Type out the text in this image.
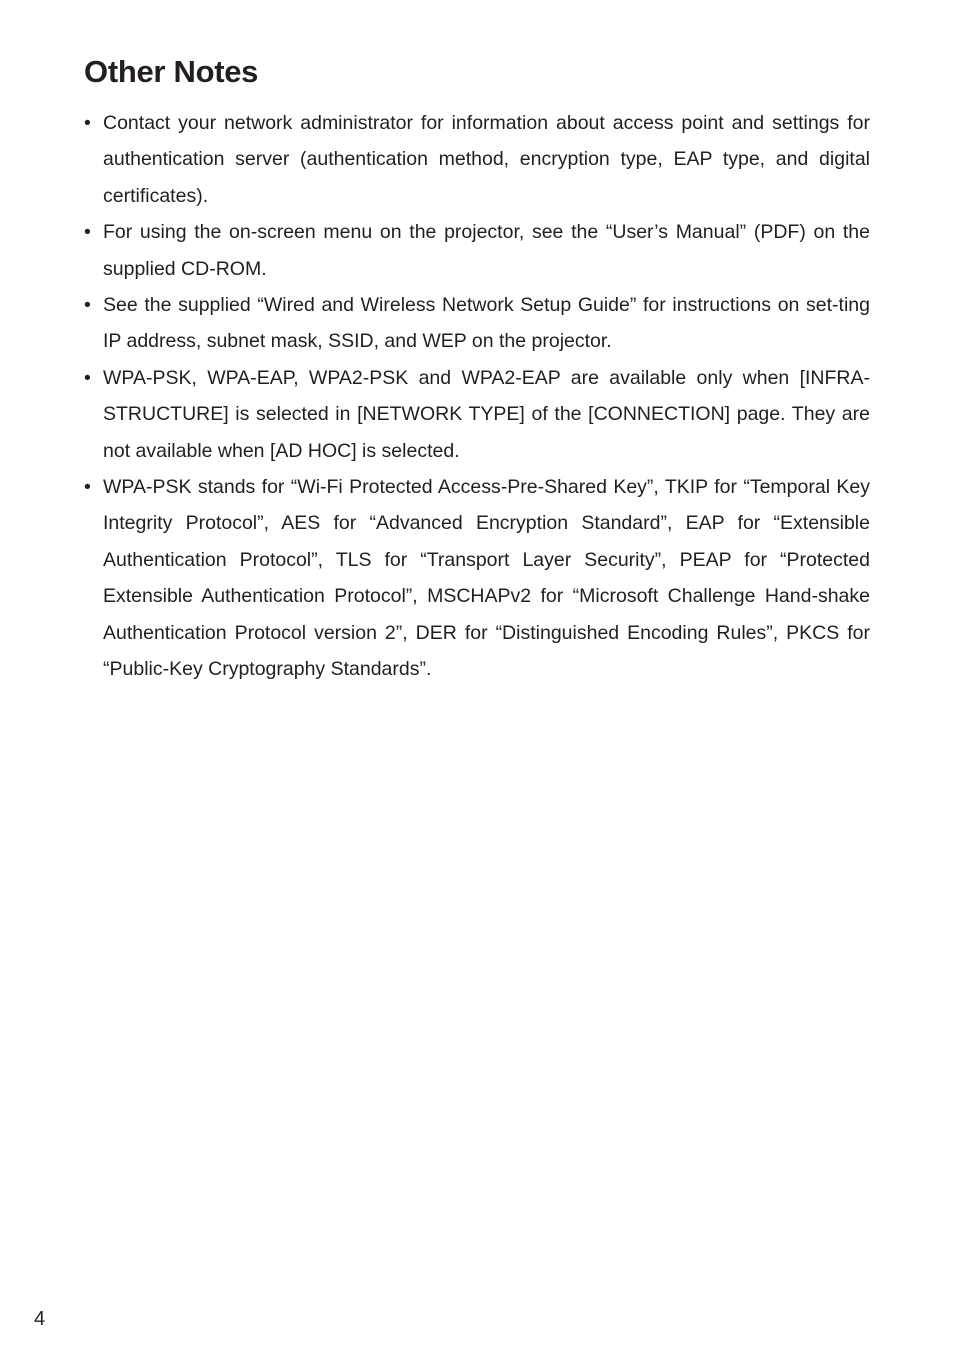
Other Notes
• Contact your network administrator for information about access point and settings for authentication server (authentication method, encryption type, EAP type, and digital certificates).
• For using the on-screen menu on the projector, see the “User’s Manual” (PDF) on the supplied CD-ROM.
• See the supplied “Wired and Wireless Network Setup Guide” for instructions on set-ting IP address, subnet mask, SSID, and WEP on the projector.
• WPA-PSK, WPA-EAP, WPA2-PSK and WPA2-EAP are available only when [INFRA-STRUCTURE] is selected in [NETWORK TYPE] of the [CONNECTION] page. They are not available when [AD HOC] is selected.
• WPA-PSK stands for “Wi-Fi Protected Access-Pre-Shared Key”, TKIP for “Temporal Key Integrity Protocol”, AES for “Advanced Encryption Standard”, EAP for “Extensible Authentication Protocol”, TLS for “Transport Layer Security”, PEAP for “Protected Extensible Authentication Protocol”, MSCHAPv2 for “Microsoft Challenge Hand-shake Authentication Protocol version 2”, DER for “Distinguished Encoding Rules”, PKCS for “Public-Key Cryptography Standards”.
4
